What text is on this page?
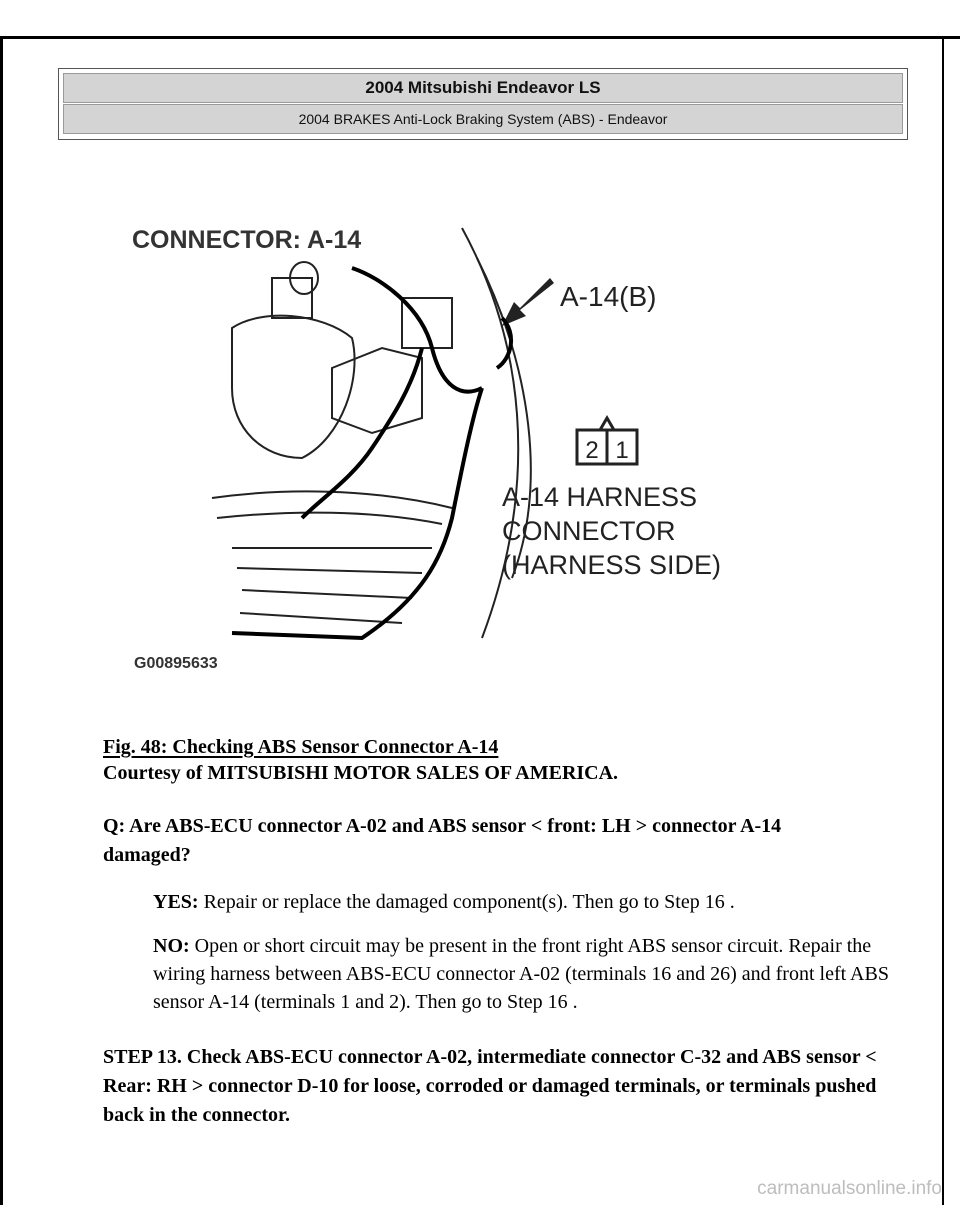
2004 Mitsubishi Endeavor LS
2004 BRAKES Anti-Lock Braking System (ABS) - Endeavor
CONNECTOR: A-14
A-14(B)
2 1
A-14 HARNESS
CONNECTOR
(HARNESS SIDE)
G00895633
Fig. 48: Checking ABS Sensor Connector A-14
Courtesy of MITSUBISHI MOTOR SALES OF AMERICA.
Q: Are ABS-ECU connector A-02 and ABS sensor < front: LH > connector A-14 damaged?
YES: Repair or replace the damaged component(s). Then go to Step 16 .
NO: Open or short circuit may be present in the front right ABS sensor circuit. Repair the wiring harness between ABS-ECU connector A-02 (terminals 16 and 26) and front left ABS sensor A-14 (terminals 1 and 2). Then go to Step 16 .
STEP 13. Check ABS-ECU connector A-02, intermediate connector C-32 and ABS sensor < Rear: RH > connector D-10 for loose, corroded or damaged terminals, or terminals pushed back in the connector.
carmanualsonline.info
